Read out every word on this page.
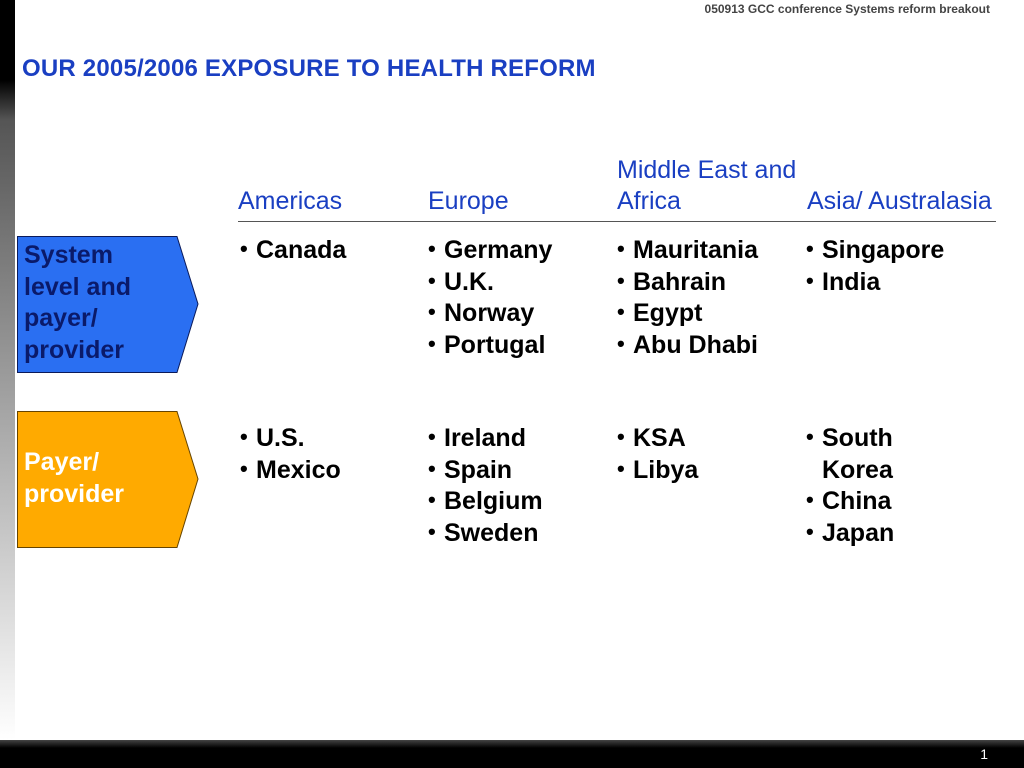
1
050913 GCC conference Systems reform breakout
OUR 2005/2006 EXPOSURE TO HEALTH REFORM
Americas	Europe
Middle East and Africa	Asia/ Australasia
System level and payer/ provider
Payer/ provider
• Canada
•	Germany
• U.K.
• Norway
• Portugal
• Mauritania
• Bahrain
• Egypt
• Abu Dhabi
• Singapore
• India
• U.S.
• Mexico
• Ireland
• Spain
• Belgium
• Sweden
• KSA
• Libya
• South Korea
• China
• Japan
